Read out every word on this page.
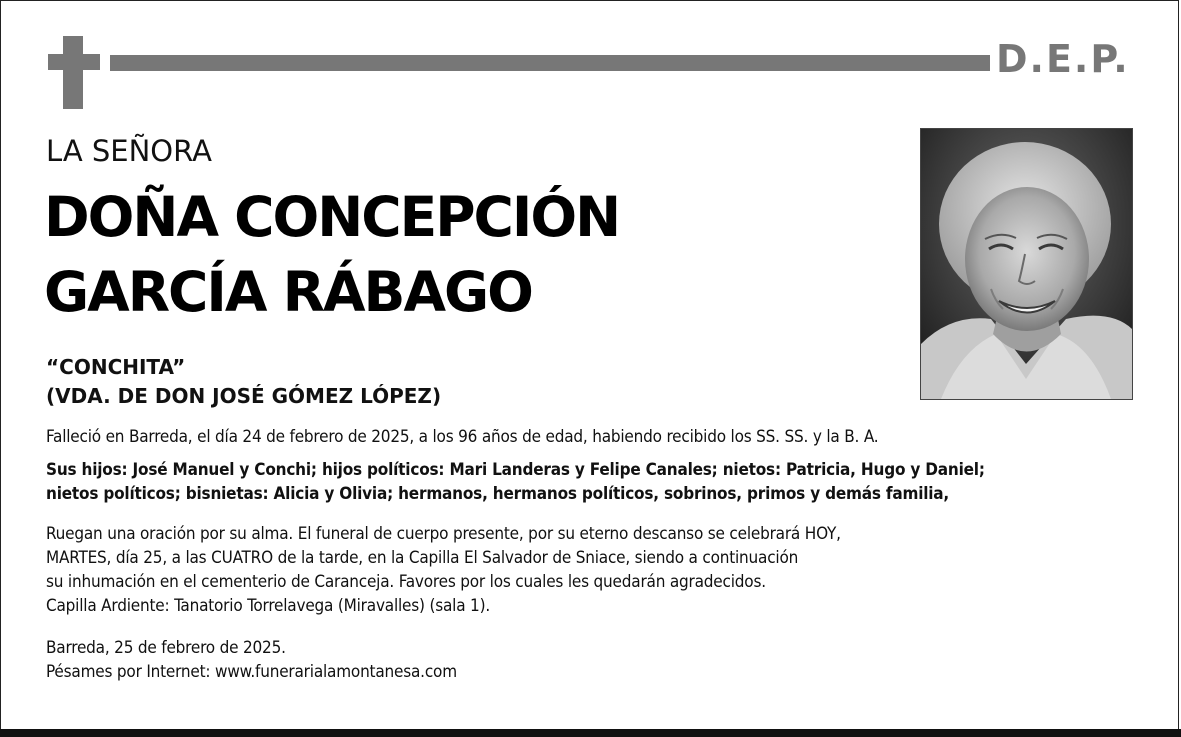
D.E.P.
LA SEÑORA
DOÑA CONCEPCIÓN
GARCÍA RÁBAGO
“CONCHITA”
(VDA. DE DON JOSÉ GÓMEZ LÓPEZ)
Falleció en Barreda, el día 24 de febrero de 2025, a los 96 años de edad, habiendo recibido los SS. SS. y la B. A.
Sus hijos: José Manuel y Conchi; hijos políticos: Mari Landeras y Felipe Canales; nietos: Patricia, Hugo y Daniel;
nietos políticos; bisnietas: Alicia y Olivia; hermanos, hermanos políticos, sobrinos, primos y demás familia,
Ruegan una oración por su alma. El funeral de cuerpo presente, por su eterno descanso se celebrará HOY,
MARTES, día 25, a las CUATRO de la tarde, en la Capilla El Salvador de Sniace, siendo a continuación
su inhumación en el cementerio de Caranceja. Favores por los cuales les quedarán agradecidos.
Capilla Ardiente: Tanatorio Torrelavega (Miravalles) (sala 1).
Barreda, 25 de febrero de 2025.
Pésames por Internet: www.funerarialamontanesa.com
